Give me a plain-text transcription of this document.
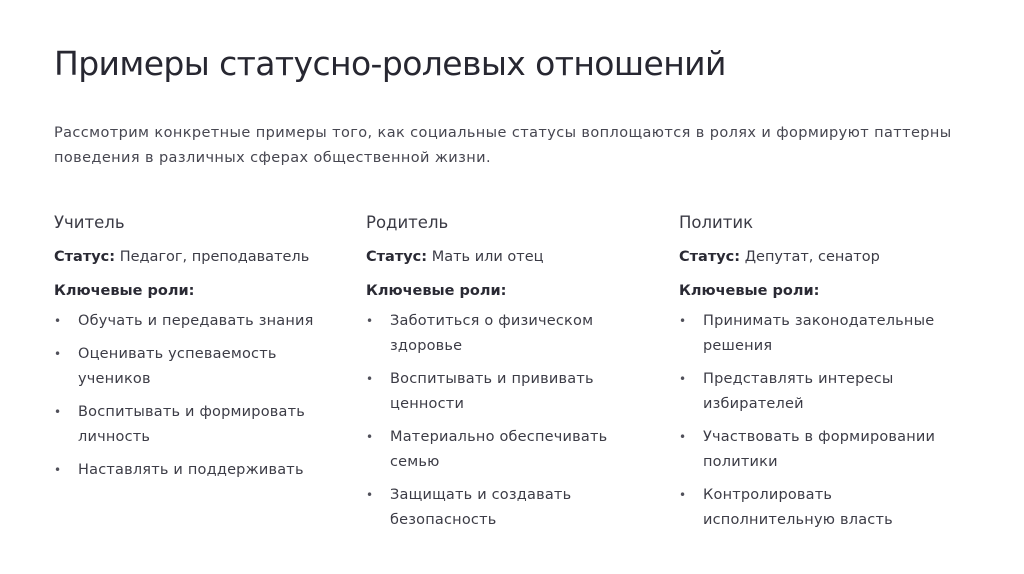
Примеры статусно-ролевых отношений

Рассмотрим конкретные примеры того, как социальные статусы воплощаются в ролях и формируют паттерны поведения в различных сферах общественной жизни.

Учитель

Статус: Педагог, преподаватель

Ключевые роли:

• Обучать и передавать знания
• Оценивать успеваемость учеников
• Воспитывать и формировать личность
• Наставлять и поддерживать
Родитель

Статус: Мать или отец

Ключевые роли:

• Заботиться о физическом здоровье
• Воспитывать и прививать ценности
• Материально обеспечивать семью
• Защищать и создавать безопасность
Политик

Статус: Депутат, сенатор

Ключевые роли:

• Принимать законодательные решения
• Представлять интересы избирателей
• Участвовать в формировании политики
• Контролировать исполнительную власть
